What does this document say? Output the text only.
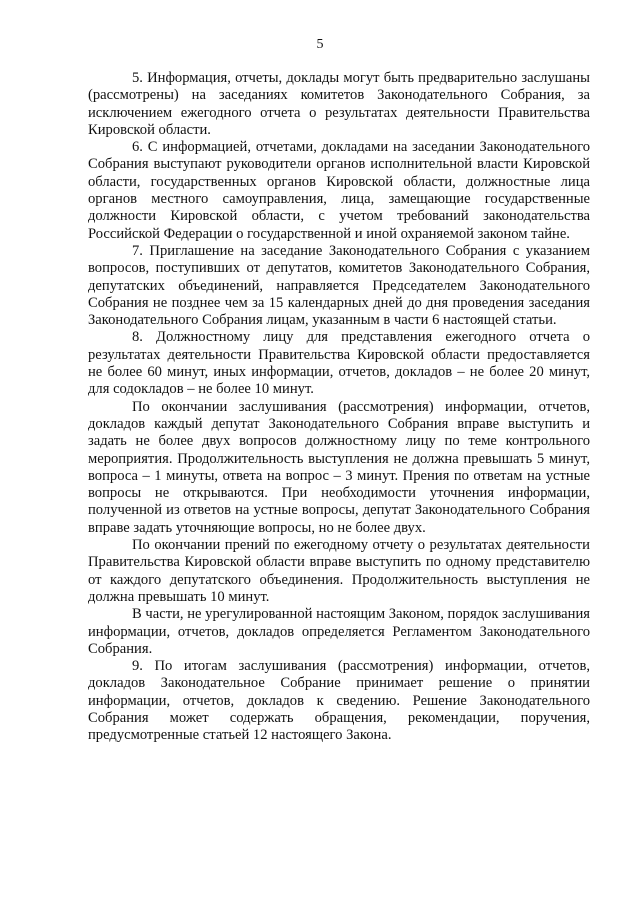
5

5. Информация, отчеты, доклады могут быть предварительно заслушаны (рассмотрены) на заседаниях комитетов Законодательного Собрания, за исключением ежегодного отчета о результатах деятельности Правительства Кировской области.

6. С информацией, отчетами, докладами на заседании Законодательного Собрания выступают руководители органов исполнительной власти Кировской области, государственных органов Кировской области, должностные лица органов местного самоуправления, лица, замещающие государственные должности Кировской области, с учетом требований законодательства Российской Федерации о государственной и иной охраняемой законом тайне.

7. Приглашение на заседание Законодательного Собрания с указанием вопросов, поступивших от депутатов, комитетов Законодательного Собрания, депутатских объединений, направляется Председателем Законодательного Собрания не позднее чем за 15 календарных дней до дня проведения заседания Законодательного Собрания лицам, указанным в части 6 настоящей статьи.

8. Должностному лицу для представления ежегодного отчета о результатах деятельности Правительства Кировской области предоставляется не более 60 минут, иных информации, отчетов, докладов – не более 20 минут, для содокладов – не более 10 минут.

По окончании заслушивания (рассмотрения) информации, отчетов, докладов каждый депутат Законодательного Собрания вправе выступить и задать не более двух вопросов должностному лицу по теме контрольного мероприятия. Продолжительность выступления не должна превышать 5 минут, вопроса – 1 минуты, ответа на вопрос – 3 минут. Прения по ответам на устные вопросы не открываются. При необходимости уточнения информации, полученной из ответов на устные вопросы, депутат Законодательного Собрания вправе задать уточняющие вопросы, но не более двух.

По окончании прений по ежегодному отчету о результатах деятельности Правительства Кировской области вправе выступить по одному представителю от каждого депутатского объединения. Продолжительность выступления не должна превышать 10 минут.

В части, не урегулированной настоящим Законом, порядок заслушивания информации, отчетов, докладов определяется Регламентом Законодательного Собрания.

9. По итогам заслушивания (рассмотрения) информации, отчетов, докладов Законодательное Собрание принимает решение о принятии информации, отчетов, докладов к сведению. Решение Законодательного Собрания может содержать обращения, рекомендации, поручения, предусмотренные статьей 12 настоящего Закона.
